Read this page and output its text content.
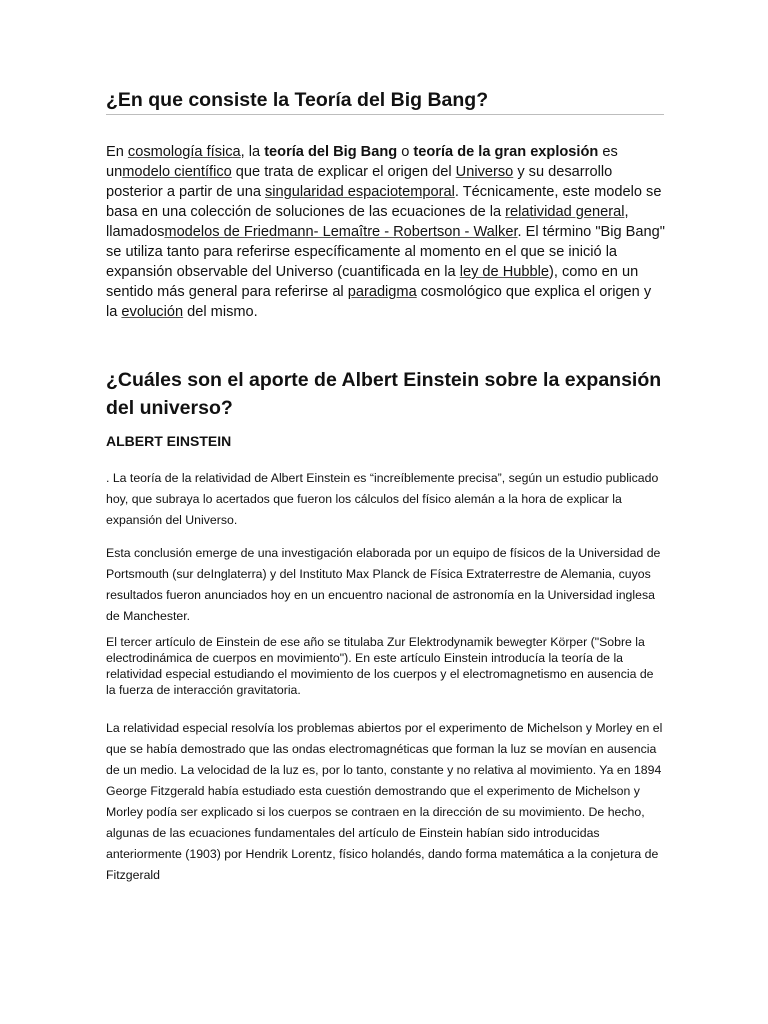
¿En que consiste la Teoría del Big Bang?

En cosmología física, la teoría del Big Bang o teoría de la gran explosión es unmodelo científico que trata de explicar el origen del Universo y su desarrollo posterior a partir de una singularidad espaciotemporal. Técnicamente, este modelo se basa en una colección de soluciones de las ecuaciones de la relatividad general, llamadosmodelos de Friedmann- Lemaître - Robertson - Walker. El término "Big Bang" se utiliza tanto para referirse específicamente al momento en el que se inició la expansión observable del Universo (cuantificada en la ley de Hubble), como en un sentido más general para referirse al paradigma cosmológico que explica el origen y la evolución del mismo.

¿Cuáles son el aporte de Albert Einstein sobre la expansión del universo?
ALBERT EINSTEIN

. La teoría de la relatividad de Albert Einstein es “increíblemente precisa”, según un estudio publicado hoy, que subraya lo acertados que fueron los cálculos del físico alemán a la hora de explicar la expansión del Universo.

Esta conclusión emerge de una investigación elaborada por un equipo de físicos de la Universidad de Portsmouth (sur deInglaterra) y del Instituto Max Planck de Física Extraterrestre de Alemania, cuyos resultados fueron anunciados hoy en un encuentro nacional de astronomía en la Universidad inglesa de Manchester.

El tercer artículo de Einstein de ese año se titulaba Zur Elektrodynamik bewegter Körper ("Sobre la electrodinámica de cuerpos en movimiento"). En este artículo Einstein introducía la teoría de la relatividad especial estudiando el movimiento de los cuerpos y el electromagnetismo en ausencia de la fuerza de interacción gravitatoria.

La relatividad especial resolvía los problemas abiertos por el experimento de Michelson y Morley en el que se había demostrado que las ondas electromagnéticas que forman la luz se movían en ausencia de un medio. La velocidad de la luz es, por lo tanto, constante y no relativa al movimiento. Ya en 1894 George Fitzgerald había estudiado esta cuestión demostrando que el experimento de Michelson y Morley podía ser explicado si los cuerpos se contraen en la dirección de su movimiento. De hecho, algunas de las ecuaciones fundamentales del artículo de Einstein habían sido introducidas anteriormente (1903) por Hendrik Lorentz, físico holandés, dando forma matemática a la conjetura de Fitzgerald
